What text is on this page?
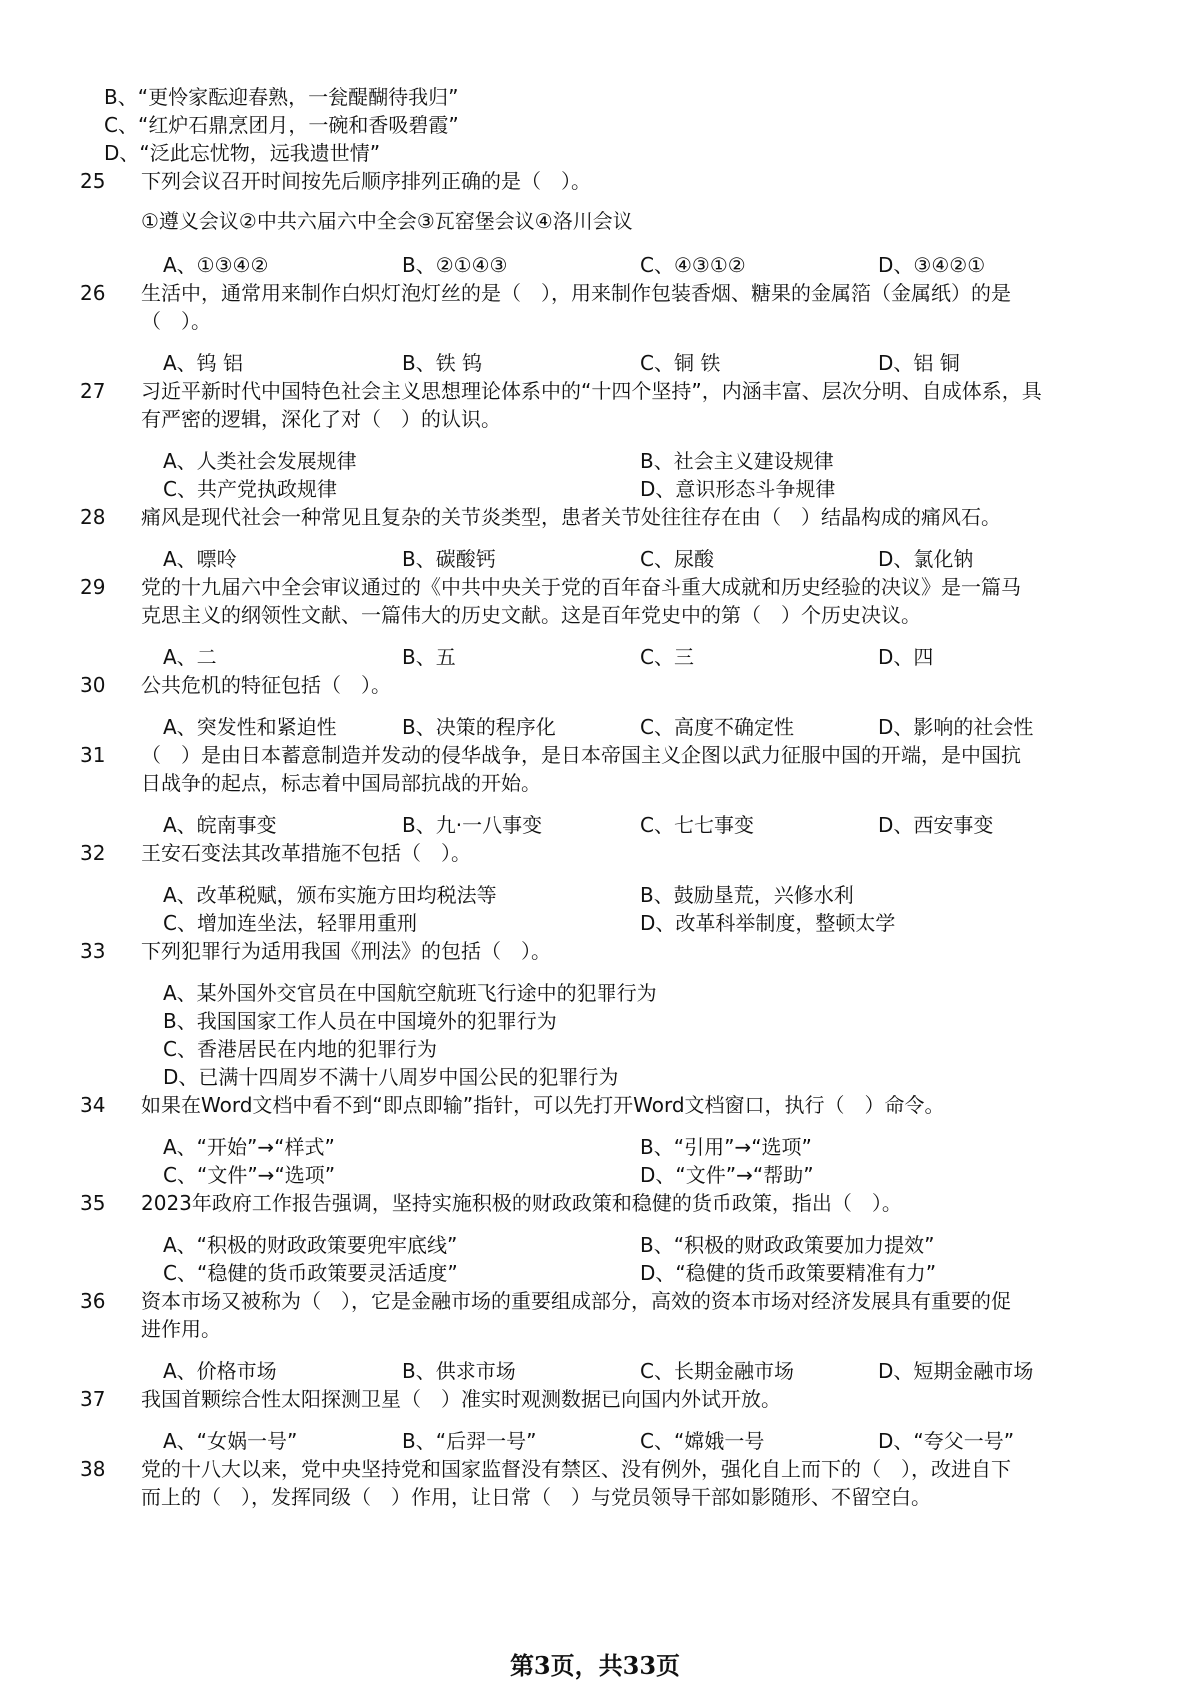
B、“更怜家酝迎春熟，一瓮醍醐待我归”
C、“红炉石鼎烹团月，一碗和香吸碧霞”
D、“泛此忘忧物，远我遗世情”
25 下列会议召开时间按先后顺序排列正确的是（　）。
①遵义会议②中共六届六中全会③瓦窑堡会议④洛川会议
A、①③④②	B、②①④③	C、④③①②	D、③④②①
26 生活中，通常用来制作白炽灯泡灯丝的是（　），用来制作包装香烟、糖果的金属箔（金属纸）的是
（　）。
A、钨 铝	B、铁 钨	C、铜 铁	D、铝 铜
27 习近平新时代中国特色社会主义思想理论体系中的“十四个坚持”，内涵丰富、层次分明、自成体系，具
有严密的逻辑，深化了对（　）的认识。
A、人类社会发展规律	B、社会主义建设规律
C、共产党执政规律	D、意识形态斗争规律
28 痛风是现代社会一种常见且复杂的关节炎类型，患者关节处往往存在由（　）结晶构成的痛风石。
A、嘌呤	B、碳酸钙	C、尿酸	D、氯化钠
29 党的十九届六中全会审议通过的《中共中央关于党的百年奋斗重大成就和历史经验的决议》是一篇马
克思主义的纲领性文献、一篇伟大的历史文献。这是百年党史中的第（　）个历史决议。
A、二	B、五	C、三	D、四
30 公共危机的特征包括（　）。
A、突发性和紧迫性	B、决策的程序化	C、高度不确定性	D、影响的社会性
31 （　）是由日本蓄意制造并发动的侵华战争，是日本帝国主义企图以武力征服中国的开端，是中国抗
日战争的起点，标志着中国局部抗战的开始。
A、皖南事变	B、九·一八事变	C、七七事变	D、西安事变
32 王安石变法其改革措施不包括（　）。
A、改革税赋，颁布实施方田均税法等	B、鼓励垦荒，兴修水利
C、增加连坐法，轻罪用重刑	D、改革科举制度，整顿太学
33 下列犯罪行为适用我国《刑法》的包括（　）。
A、某外国外交官员在中国航空航班飞行途中的犯罪行为
B、我国国家工作人员在中国境外的犯罪行为
C、香港居民在内地的犯罪行为
D、已满十四周岁不满十八周岁中国公民的犯罪行为
34 如果在Word文档中看不到“即点即输”指针，可以先打开Word文档窗口，执行（　）命令。
A、“开始”→“样式”	B、“引用”→“选项”
C、“文件”→“选项”	D、“文件”→“帮助”
35 2023年政府工作报告强调，坚持实施积极的财政政策和稳健的货币政策，指出（　）。
A、“积极的财政政策要兜牢底线”	B、“积极的财政政策要加力提效”
C、“稳健的货币政策要灵活适度”	D、“稳健的货币政策要精准有力”
36 资本市场又被称为（　），它是金融市场的重要组成部分，高效的资本市场对经济发展具有重要的促
进作用。
A、价格市场	B、供求市场	C、长期金融市场	D、短期金融市场
37 我国首颗综合性太阳探测卫星（　）准实时观测数据已向国内外试开放。
A、“女娲一号”	B、“后羿一号”	C、“嫦娥一号	D、“夸父一号”
38 党的十八大以来，党中央坚持党和国家监督没有禁区、没有例外，强化自上而下的（　），改进自下
而上的（　），发挥同级（　）作用，让日常（　）与党员领导干部如影随形、不留空白。
第3页，共33页
